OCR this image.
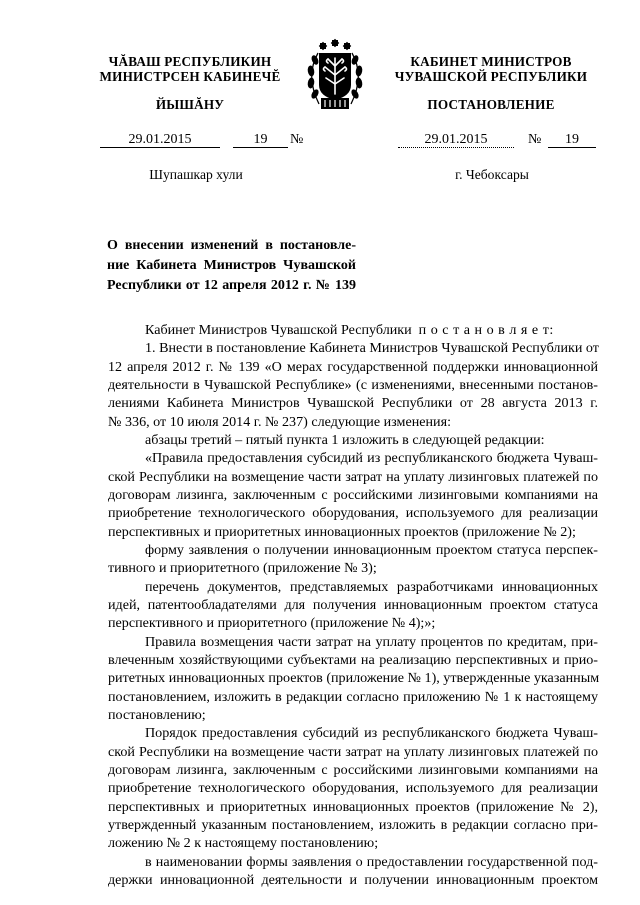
ЧĂВАШ РЕСПУБЛИКИН
МИНИСТРСЕН КАБИНЕЧĔ
ЙЫШĂНУ
КАБИНЕТ МИНИСТРОВ
ЧУВАШСКОЙ РЕСПУБЛИКИ
ПОСТАНОВЛЕНИЕ
29.01.2015	19	№	29.01.2015	№	19
Шупашкар хули	г. Чебоксары
О внесении изменений в постановле-
ние Кабинета Министров Чувашской
Республики от 12 апреля 2012 г. № 139
Кабинет Министров Чувашской Республики п о с т а н о в л я е т:
1. Внести в постановление Кабинета Министров Чувашской Республики от
12 апреля 2012 г. № 139 «О мерах государственной поддержки инновационной
деятельности в Чувашской Республике» (с изменениями, внесенными постанов-
лениями Кабинета Министров Чувашской Республики от 28 августа 2013 г.
№ 336, от 10 июля 2014 г. № 237) следующие изменения:
абзацы третий – пятый пункта 1 изложить в следующей редакции:
«Правила предоставления субсидий из республиканского бюджета Чуваш-
ской Республики на возмещение части затрат на уплату лизинговых платежей по
договорам лизинга, заключенным с российскими лизинговыми компаниями на
приобретение технологического оборудования, используемого для реализации
перспективных и приоритетных инновационных проектов (приложение № 2);
форму заявления о получении инновационным проектом статуса перспек-
тивного и приоритетного (приложение № 3);
перечень документов, представляемых разработчиками инновационных
идей, патентообладателями для получения инновационным проектом статуса
перспективного и приоритетного (приложение № 4);»;
Правила возмещения части затрат на уплату процентов по кредитам, при-
влеченным хозяйствующими субъектами на реализацию перспективных и прио-
ритетных инновационных проектов (приложение № 1), утвержденные указанным
постановлением, изложить в редакции согласно приложению № 1 к настоящему
постановлению;
Порядок предоставления субсидий из республиканского бюджета Чуваш-
ской Республики на возмещение части затрат на уплату лизинговых платежей по
договорам лизинга, заключенным с российскими лизинговыми компаниями на
приобретение технологического оборудования, используемого для реализации
перспективных и приоритетных инновационных проектов (приложение № 2),
утвержденный указанным постановлением, изложить в редакции согласно при-
ложению № 2 к настоящему постановлению;
в наименовании формы заявления о предоставлении государственной под-
держки инновационной деятельности и получении инновационным проектом
